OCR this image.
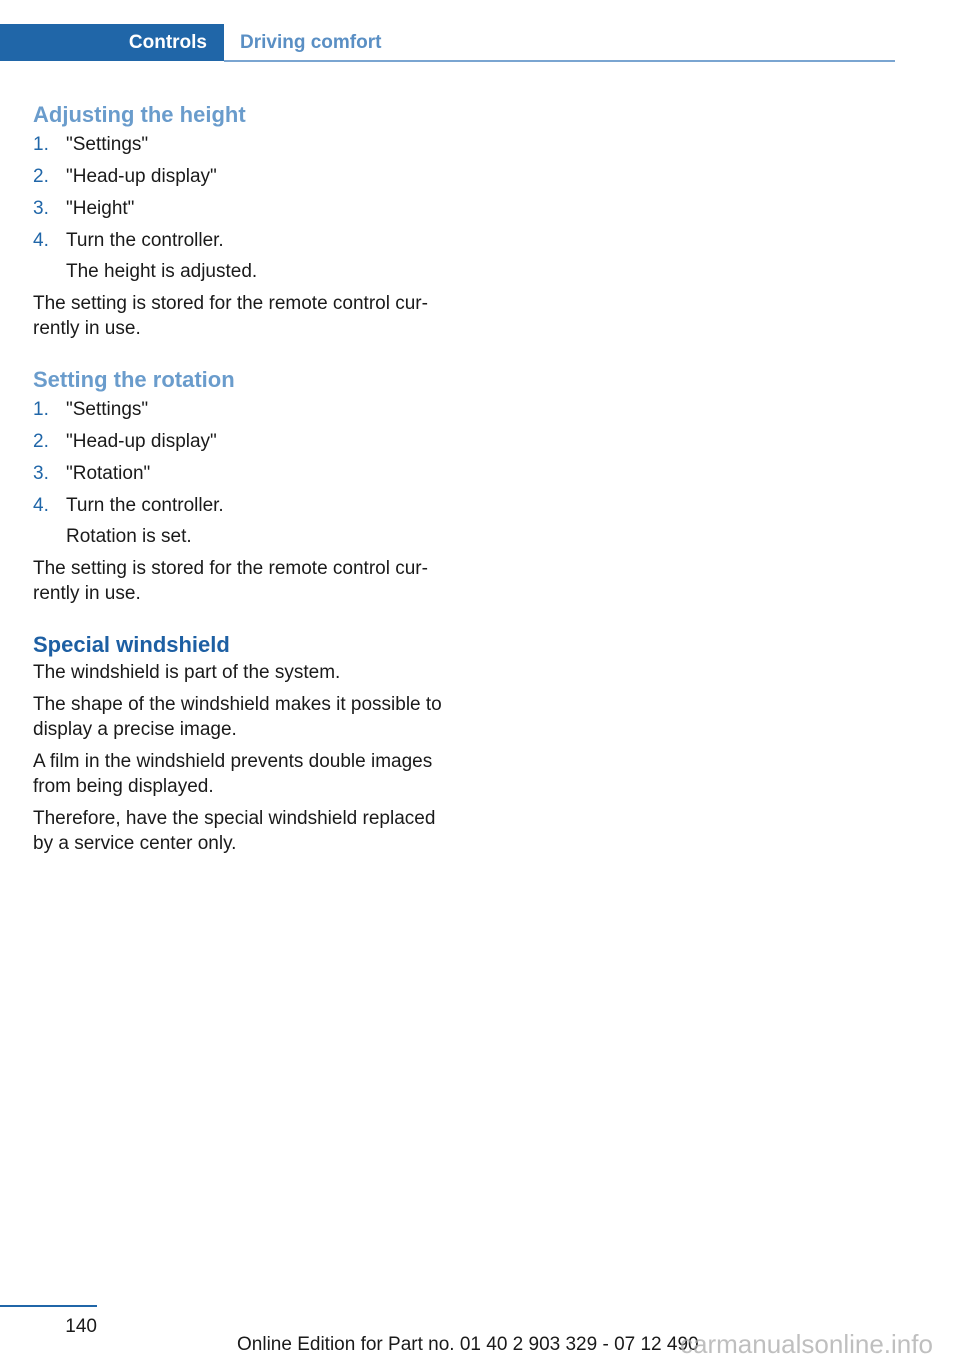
Controls	Driving comfort
Adjusting the height
1. "Settings"
2. "Head-up display"
3. "Height"
4. Turn the controller.
The height is adjusted.

The setting is stored for the remote control cur-rently in use.

Setting the rotation
1. "Settings"
2. "Head-up display"
3. "Rotation"
4. Turn the controller.
Rotation is set.

The setting is stored for the remote control cur-rently in use.

Special windshield

The windshield is part of the system.

The shape of the windshield makes it possible to display a precise image.

A film in the windshield prevents double images from being displayed.

Therefore, have the special windshield replaced by a service center only.

140
Online Edition for Part no. 01 40 2 903 329 - 07 12 490
carmanualsonline.info
